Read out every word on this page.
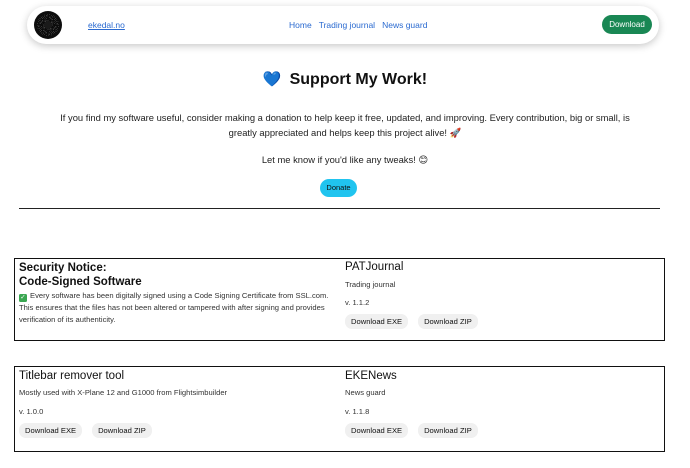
ekedal.no	Home Trading journal News guard	Download
💙 Support My Work!
If you find my software useful, consider making a donation to help keep it free, updated, and improving. Every contribution, big or small, is greatly appreciated and helps keep this project alive! 🚀
Let me know if you'd like any tweaks! 😊
Donate
Security Notice:
Code-Signed Software
✓ Every software has been digitally signed using a Code Signing Certificate from SSL.com. This ensures that the files has not been altered or tampered with after signing and provides verification of its authenticity.
PATJournal
Trading journal
v. 1.1.2
Download EXE	Download ZIP
Titlebar remover tool
Mostly used with X-Plane 12 and G1000 from Flightsimbuilder
v. 1.0.0
Download EXE	Download ZIP
EKENews
News guard
v. 1.1.8
Download EXE	Download ZIP
